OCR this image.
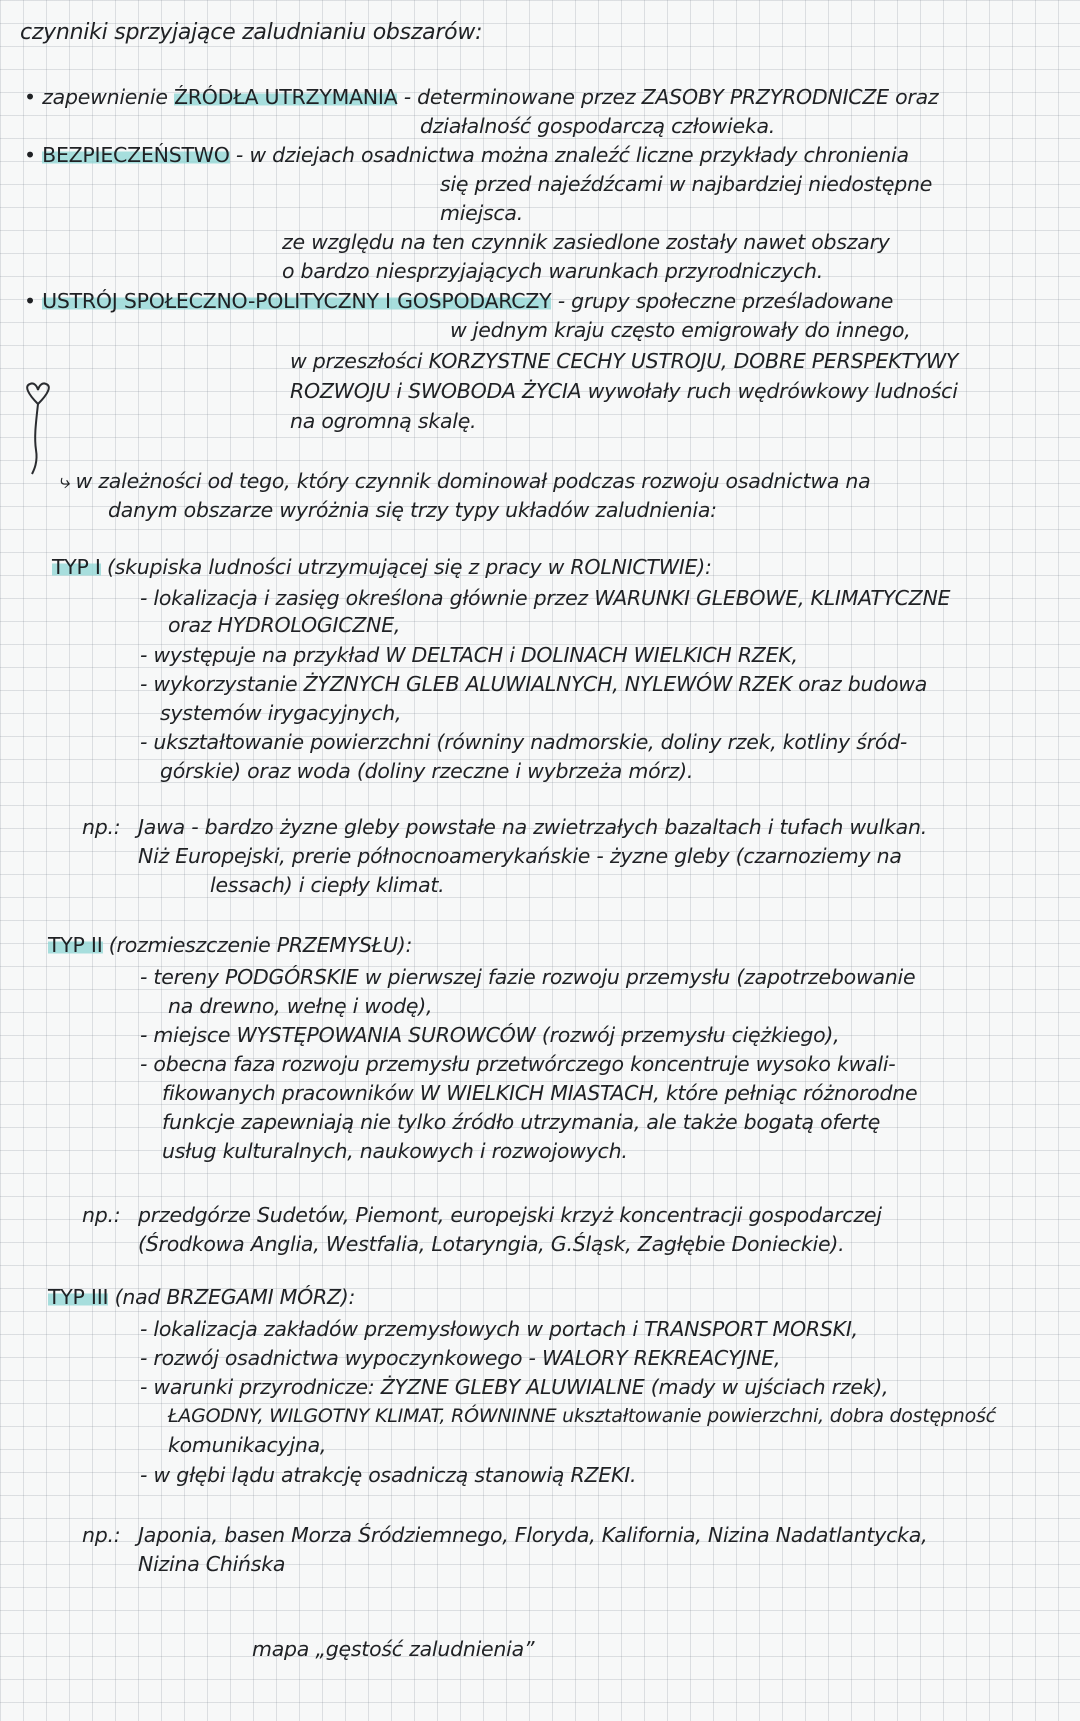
czynniki sprzyjające zaludnianiu obszarów:
• zapewnienie ŹRÓDŁA UTRZYMANIA - determinowane przez ZASOBY PRZYRODNICZE oraz
działalność gospodarczą człowieka.
• BEZPIECZEŃSTWO - w dziejach osadnictwa można znaleźć liczne przykłady chronienia
się przed najeźdźcami w najbardziej niedostępne
miejsca.
ze względu na ten czynnik zasiedlone zostały nawet obszary
o bardzo niesprzyjających warunkach przyrodniczych.
• USTRÓJ SPOŁECZNO-POLITYCZNY I GOSPODARCZY - grupy społeczne prześladowane
w jednym kraju często emigrowały do innego,
w przeszłości KORZYSTNE CECHY USTROJU, DOBRE PERSPEKTYWY
ROZWOJU i SWOBODA ŻYCIA wywołały ruch wędrówkowy ludności
na ogromną skalę.
⤷ w zależności od tego, który czynnik dominował podczas rozwoju osadnictwa na
danym obszarze wyróżnia się trzy typy układów zaludnienia:
TYP I (skupiska ludności utrzymującej się z pracy w ROLNICTWIE):
- lokalizacja i zasięg określona głównie przez WARUNKI GLEBOWE, KLIMATYCZNE
oraz HYDROLOGICZNE,
- występuje na przykład W DELTACH i DOLINACH WIELKICH RZEK,
- wykorzystanie ŻYZNYCH GLEB ALUWIALNYCH, NYLEWÓW RZEK oraz budowa
systemów irygacyjnych,
- ukształtowanie powierzchni (równiny nadmorskie, doliny rzek, kotliny śród-
górskie) oraz woda (doliny rzeczne i wybrzeża mórz).
np.: Jawa - bardzo żyzne gleby powstałe na zwietrzałych bazaltach i tufach wulkan.
Niż Europejski, prerie północnoamerykańskie - żyzne gleby (czarnoziemy na
lessach) i ciepły klimat.
TYP II (rozmieszczenie PRZEMYSŁU):
- tereny PODGÓRSKIE w pierwszej fazie rozwoju przemysłu (zapotrzebowanie
na drewno, wełnę i wodę),
- miejsce WYSTĘPOWANIA SUROWCÓW (rozwój przemysłu ciężkiego),
- obecna faza rozwoju przemysłu przetwórczego koncentruje wysoko kwali-
fikowanych pracowników W WIELKICH MIASTACH, które pełniąc różnorodne
funkcje zapewniają nie tylko źródło utrzymania, ale także bogatą ofertę
usług kulturalnych, naukowych i rozwojowych.
np.: przedgórze Sudetów, Piemont, europejski krzyż koncentracji gospodarczej
(Środkowa Anglia, Westfalia, Lotaryngia, G.Śląsk, Zagłębie Donieckie).
TYP III (nad BRZEGAMI MÓRZ):
- lokalizacja zakładów przemysłowych w portach i TRANSPORT MORSKI,
- rozwój osadnictwa wypoczynkowego - WALORY REKREACYJNE,
- warunki przyrodnicze: ŻYZNE GLEBY ALUWIALNE (mady w ujściach rzek),
ŁAGODNY, WILGOTNY KLIMAT, RÓWNINNE ukształtowanie powierzchni, dobra dostępność
komunikacyjna,
- w głębi lądu atrakcję osadniczą stanowią RZEKI.
np.: Japonia, basen Morza Śródziemnego, Floryda, Kalifornia, Nizina Nadatlantycka,
Nizina Chińska
mapa „gęstość zaludnienia”
